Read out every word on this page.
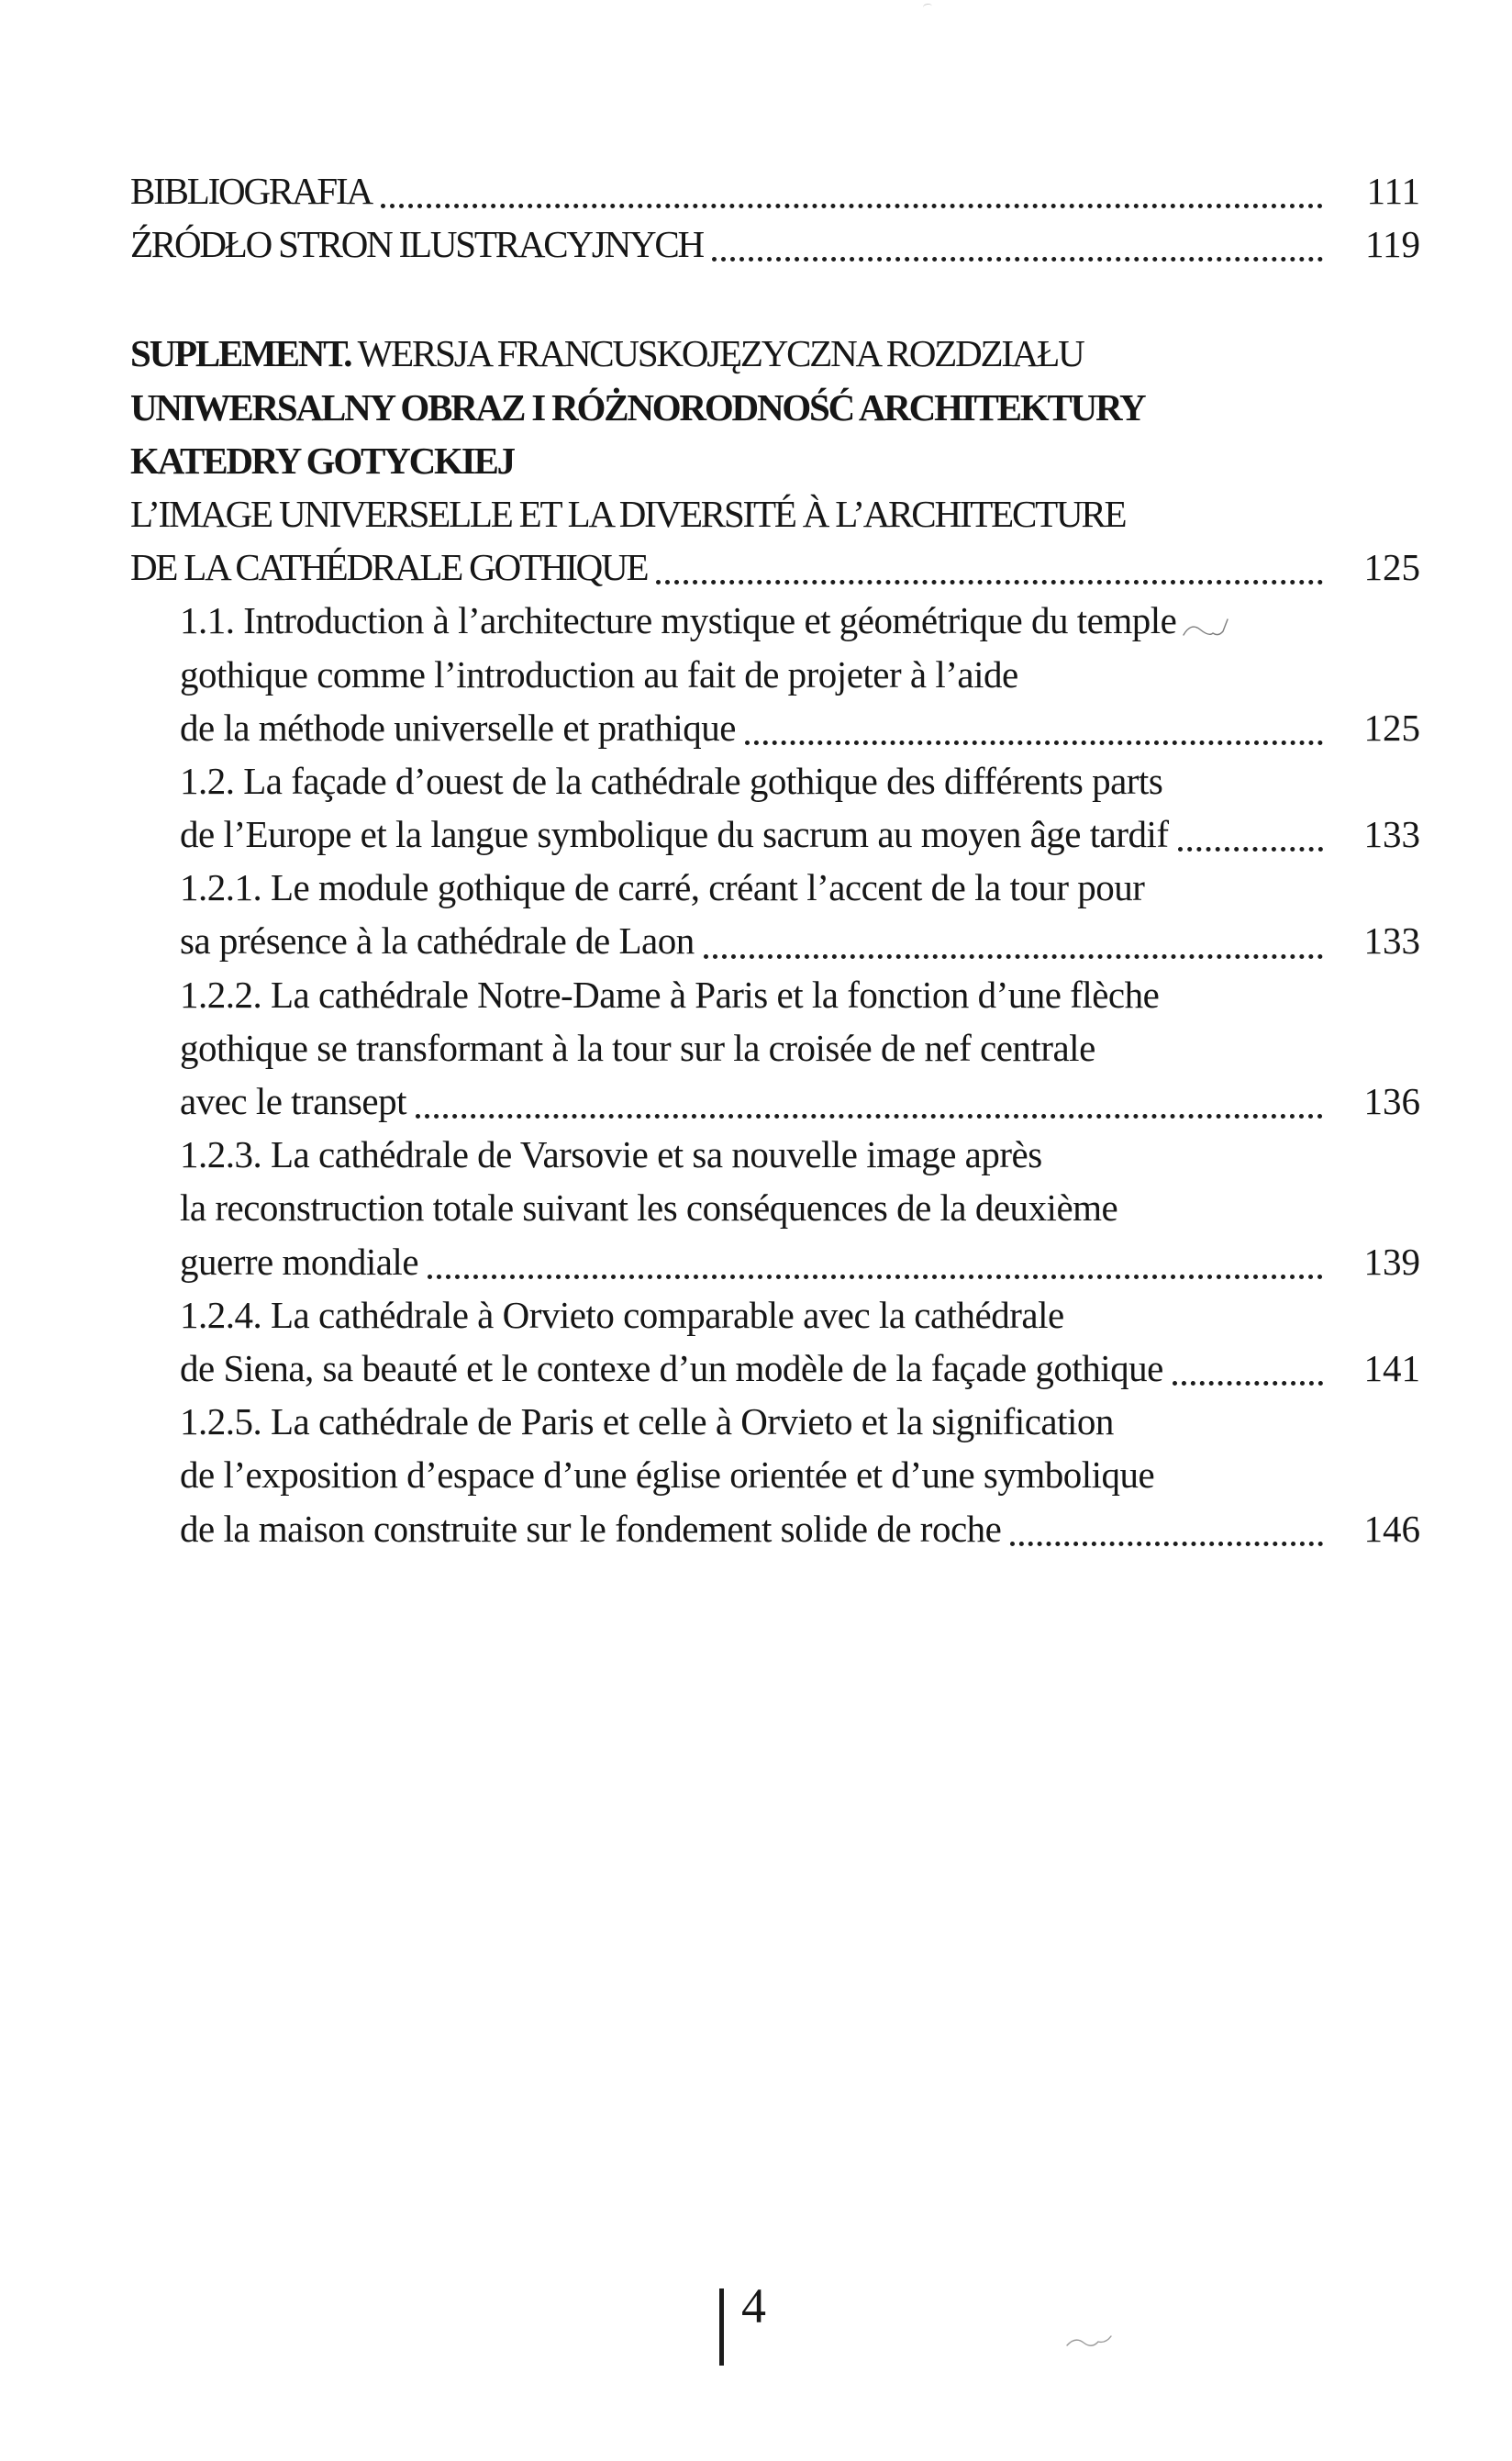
BIBLIOGRAFIA	111
ŹRÓDŁO STRON ILUSTRACYJNYCH	119
SUPLEMENT. WERSJA FRANCUSKOJĘZYCZNA ROZDZIAŁU
UNIWERSALNY OBRAZ I RÓŻNORODNOŚĆ ARCHITEKTURY
KATEDRY GOTYCKIEJ
L’IMAGE UNIVERSELLE ET LA DIVERSITÉ À L’ARCHITECTURE
DE LA CATHÉDRALE GOTHIQUE	125
1.1. Introduction à l’architecture mystique et géométrique du temple
gothique comme l’introduction au fait de projeter à l’aide
de la méthode universelle et prathique	125
1.2. La façade d’ouest de la cathédrale gothique des différents parts
de l’Europe et la langue symbolique du sacrum au moyen âge tardif	133
1.2.1. Le module gothique de carré, créant l’accent de la tour pour
sa présence à la cathédrale de Laon	133
1.2.2. La cathédrale Notre-Dame à Paris et la fonction d’une flèche
gothique se transformant à la tour sur la croisée de nef centrale
avec le transept	136
1.2.3. La cathédrale de Varsovie et sa nouvelle image après
la reconstruction totale suivant les conséquences de la deuxième
guerre mondiale	139
1.2.4. La cathédrale à Orvieto comparable avec la cathédrale
de Siena, sa beauté et le contexe d’un modèle de la façade gothique	141
1.2.5. La cathédrale de Paris et celle à Orvieto et la signification
de l’exposition d’espace d’une église orientée et d’une symbolique
de la maison construite sur le fondement solide de roche	146
4
